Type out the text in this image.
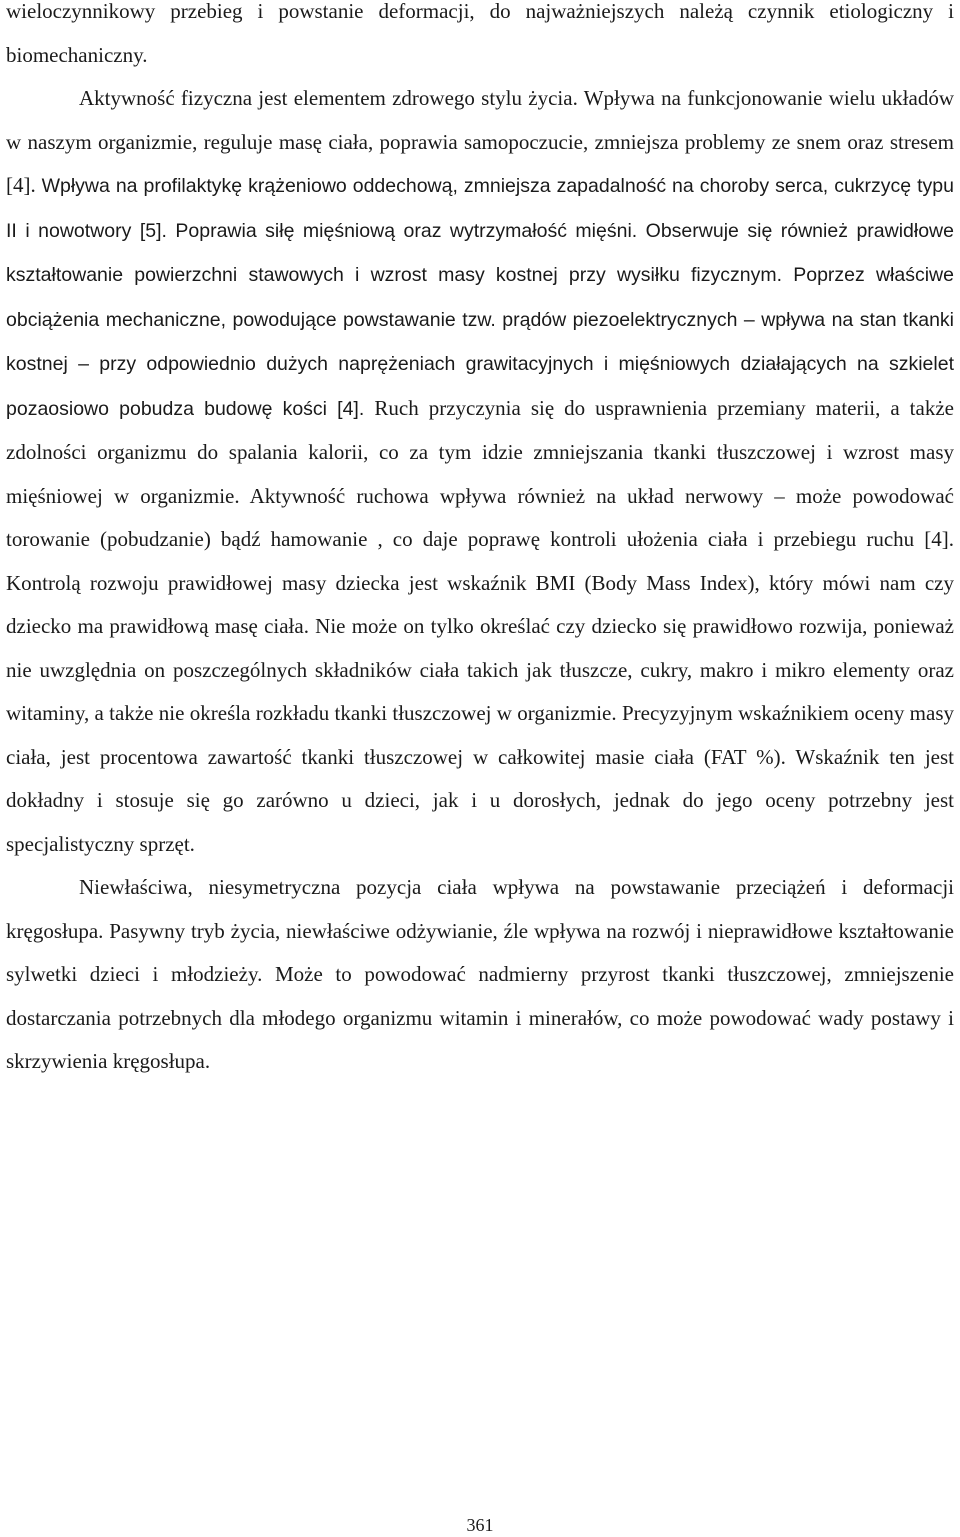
wieloczynnikowy przebieg i powstanie deformacji, do najważniejszych należą czynnik etiologiczny i biomechaniczny.

Aktywność fizyczna jest elementem zdrowego stylu życia. Wpływa na funkcjonowanie wielu układów w naszym organizmie, reguluje masę ciała, poprawia samopoczucie, zmniejsza problemy ze snem oraz stresem [4]. Wpływa na profilaktykę krążeniowo oddechową, zmniejsza zapadalność na choroby serca, cukrzycę typu II i nowotwory [5]. Poprawia siłę mięśniową oraz wytrzymałość mięśni. Obserwuje się również prawidłowe kształtowanie powierzchni stawowych i wzrost masy kostnej przy wysiłku fizycznym. Poprzez właściwe obciążenia mechaniczne, powodujące powstawanie tzw. prądów piezoelektrycznych – wpływa na stan tkanki kostnej – przy odpowiednio dużych naprężeniach grawitacyjnych i mięśniowych działających na szkielet pozaosiowo pobudza budowę kości [4]. Ruch przyczynia się do usprawnienia przemiany materii, a także zdolności organizmu do spalania kalorii, co za tym idzie zmniejszania tkanki tłuszczowej i wzrost masy mięśniowej w organizmie. Aktywność ruchowa wpływa również na układ nerwowy – może powodować torowanie (pobudzanie) bądź hamowanie , co daje poprawę kontroli ułożenia ciała i przebiegu ruchu [4]. Kontrolą rozwoju prawidłowej masy dziecka jest wskaźnik BMI (Body Mass Index), który mówi nam czy dziecko ma prawidłową masę ciała. Nie może on tylko określać czy dziecko się prawidłowo rozwija, ponieważ nie uwzględnia on poszczególnych składników ciała takich jak tłuszcze, cukry, makro i mikro elementy oraz witaminy, a także nie określa rozkładu tkanki tłuszczowej w organizmie. Precyzyjnym wskaźnikiem oceny masy ciała, jest procentowa zawartość tkanki tłuszczowej w całkowitej masie ciała (FAT %). Wskaźnik ten jest dokładny i stosuje się go zarówno u dzieci, jak i u dorosłych, jednak do jego oceny potrzebny jest specjalistyczny sprzęt.

Niewłaściwa, niesymetryczna pozycja ciała wpływa na powstawanie przeciążeń i deformacji kręgosłupa. Pasywny tryb życia, niewłaściwe odżywianie, źle wpływa na rozwój i nieprawidłowe kształtowanie sylwetki dzieci i młodzieży. Może to powodować nadmierny przyrost tkanki tłuszczowej, zmniejszenie dostarczania potrzebnych dla młodego organizmu witamin i minerałów, co może powodować wady postawy i skrzywienia kręgosłupa.

361
